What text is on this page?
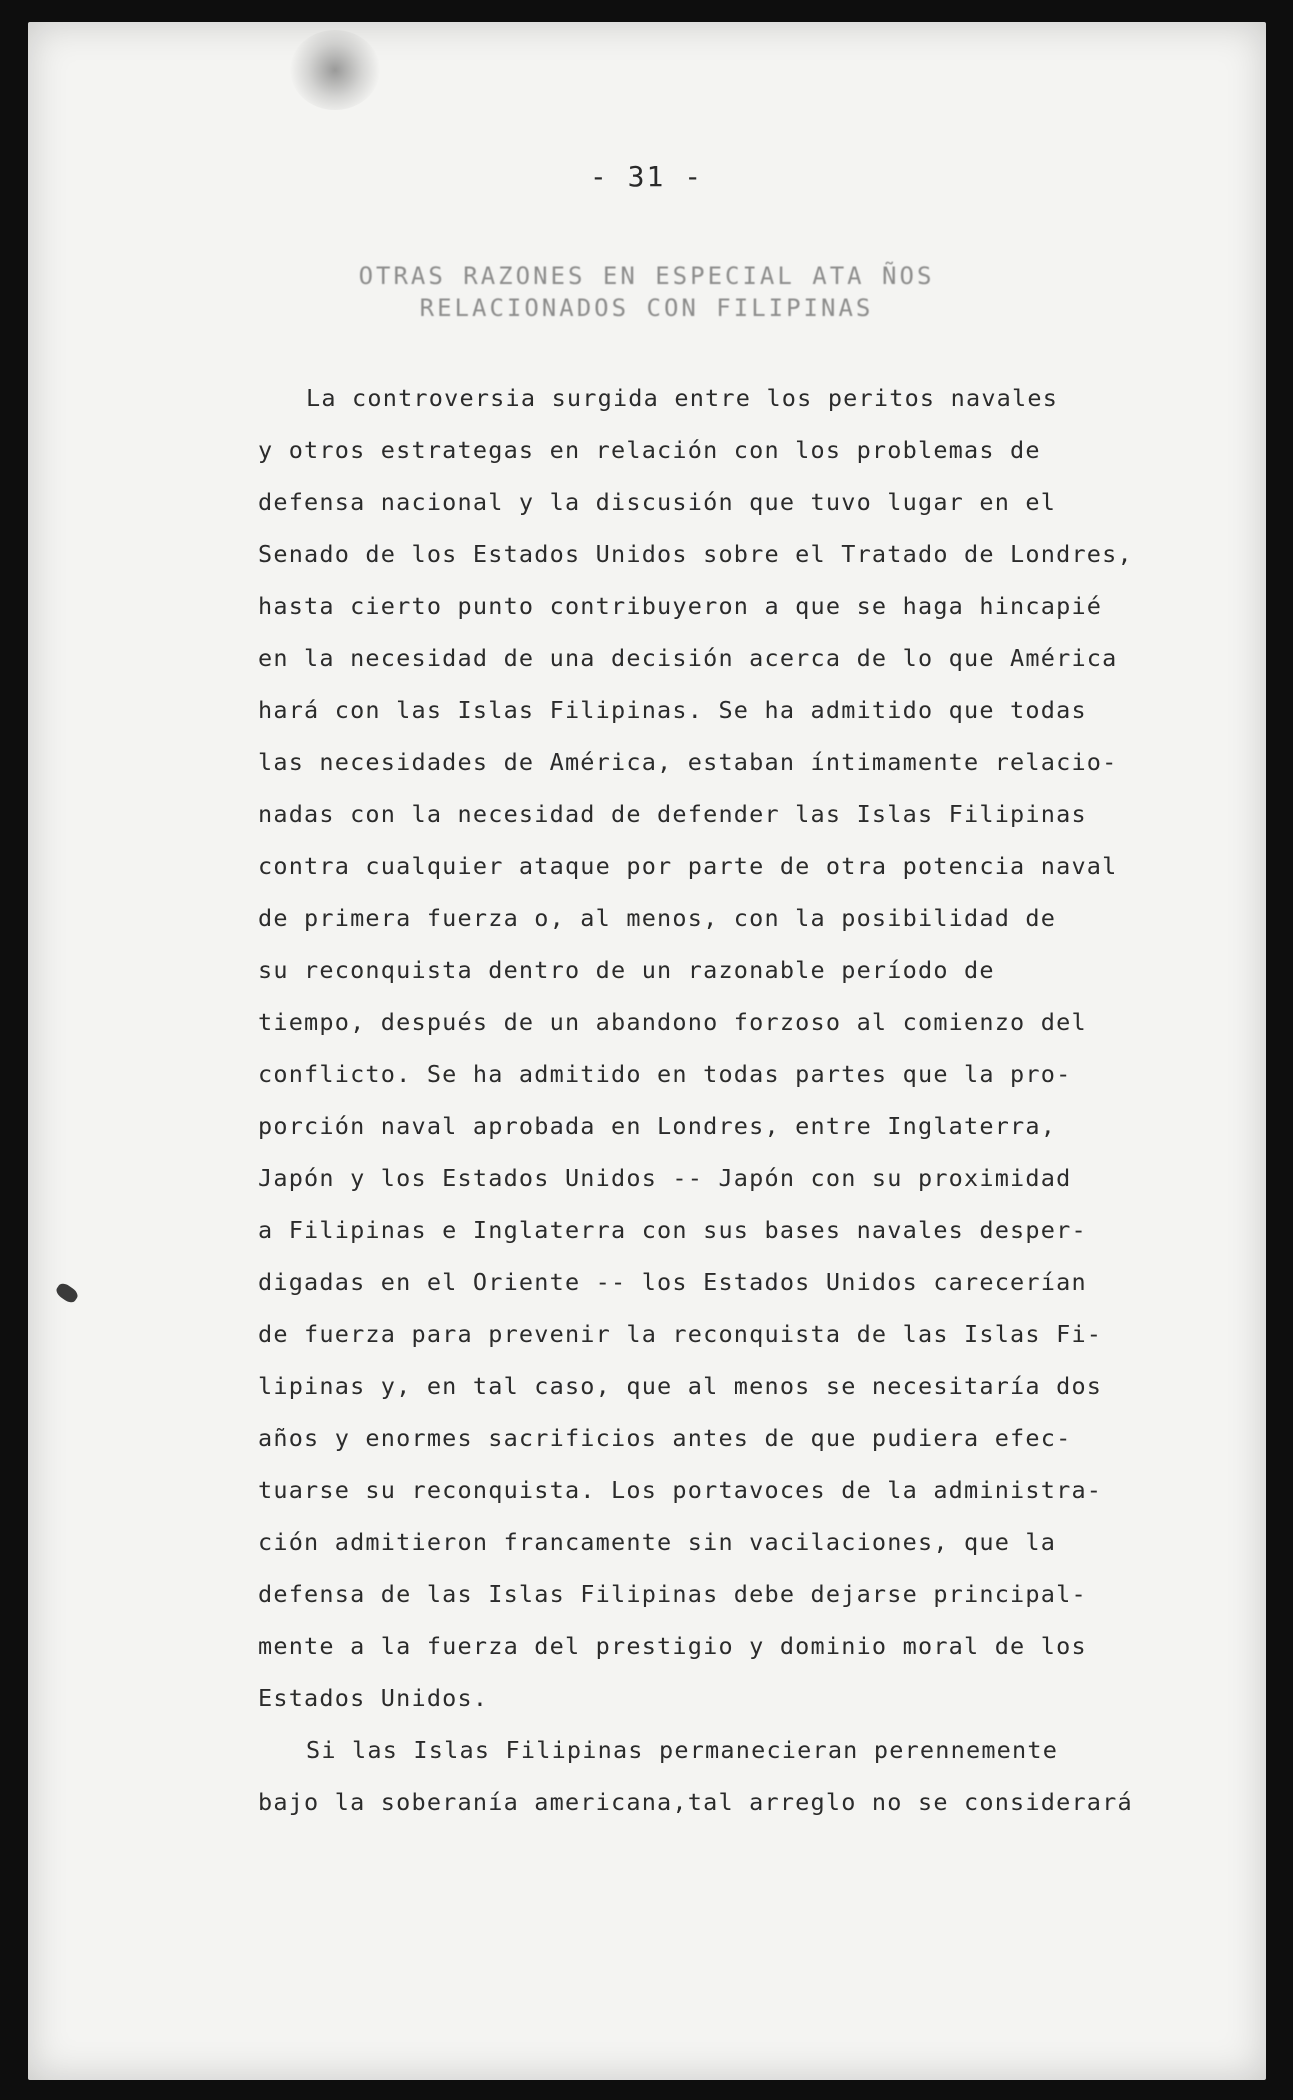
- 31 -
OTRAS RAZONES EN ESPECIAL ATA ÑOS
RELACIONADOS CON FILIPINAS
La controversia surgida entre los peritos navales
y otros estrategas en relación con los problemas de
defensa nacional y la discusión que tuvo lugar en el
Senado de los Estados Unidos sobre el Tratado de Londres,
hasta cierto punto contribuyeron a que se haga hincapié
en la necesidad de una decisión acerca de lo que América
hará con las Islas Filipinas. Se ha admitido que todas
las necesidades de América, estaban íntimamente relacio-
nadas con la necesidad de defender las Islas Filipinas
contra cualquier ataque por parte de otra potencia naval
de primera fuerza o, al menos, con la posibilidad de
su reconquista dentro de un razonable período de
tiempo, después de un abandono forzoso al comienzo del
conflicto. Se ha admitido en todas partes que la pro-
porción naval aprobada en Londres, entre Inglaterra,
Japón y los Estados Unidos -- Japón con su proximidad
a Filipinas e Inglaterra con sus bases navales desper-
digadas en el Oriente -- los Estados Unidos carecerían
de fuerza para prevenir la reconquista de las Islas Fi-
lipinas y, en tal caso, que al menos se necesitaría dos
años y enormes sacrificios antes de que pudiera efec-
tuarse su reconquista. Los portavoces de la administra-
ción admitieron francamente sin vacilaciones, que la
defensa de las Islas Filipinas debe dejarse principal-
mente a la fuerza del prestigio y dominio moral de los
Estados Unidos.
Si las Islas Filipinas permanecieran perennemente
bajo la soberanía americana,tal arreglo no se considerará
